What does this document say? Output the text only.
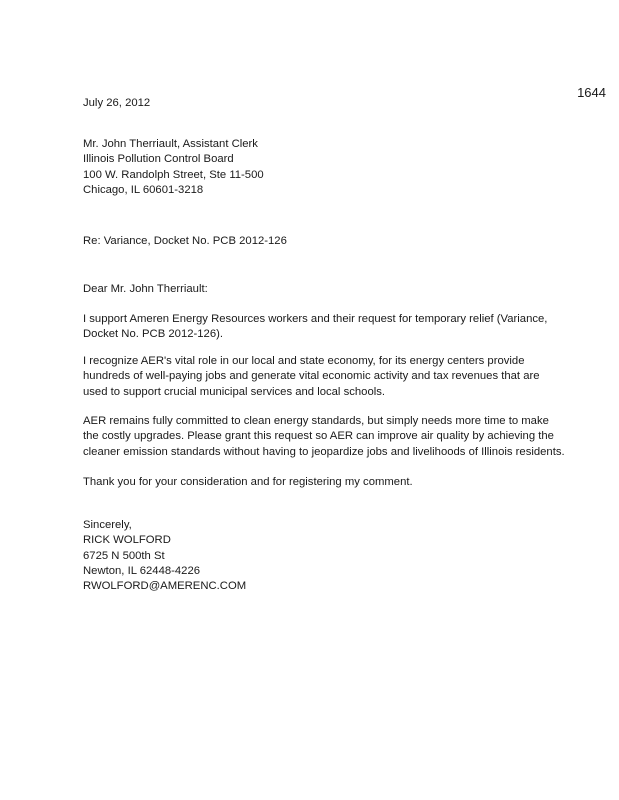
1644
July 26, 2012
Mr. John Therriault, Assistant Clerk
Illinois Pollution Control Board
100 W. Randolph Street, Ste 11-500
Chicago, IL 60601-3218
Re: Variance, Docket No. PCB 2012-126
Dear Mr. John Therriault:
I support Ameren Energy Resources workers and their request for temporary relief (Variance,
Docket No. PCB 2012-126).
I recognize AER's vital role in our local and state economy, for its energy centers provide
hundreds of well-paying jobs and generate vital economic activity and tax revenues that are
used to support crucial municipal services and local schools.
AER remains fully committed to clean energy standards, but simply needs more time to make
the costly upgrades. Please grant this request so AER can improve air quality by achieving the
cleaner emission standards without having to jeopardize jobs and livelihoods of Illinois residents.
Thank you for your consideration and for registering my comment.
Sincerely,
RICK WOLFORD
6725 N 500th St
Newton, IL 62448-4226
RWOLFORD@AMERENC.COM
